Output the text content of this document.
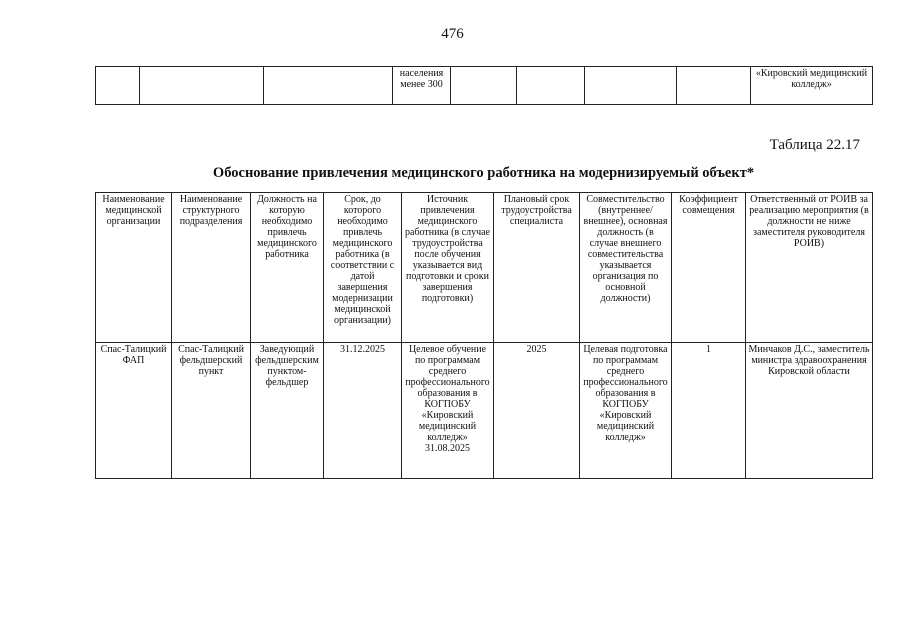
476
			населения менее 300					«Кировский медицинский колледж»
Таблица 22.17
Обоснование привлечения медицинского работника на модернизируемый объект*
Наименование медицинской организации	Наименование структурного подразделения	Должность на которую необходимо привлечь медицинского работника	Срок, до которого необходимо привлечь медицинского работника (в соответствии с датой завершения модернизации медицинской организации)	Источник привлечения медицинского работника (в случае трудоустройства после обучения указывается вид подготовки и сроки завершения подготовки)	Плановый срок трудоустройства специалиста	Совместительство (внутреннее/внешнее), основная должность (в случае внешнего совместительства указывается организация по основной должности)	Коэффициент совмещения	Ответственный от РОИВ за реализацию мероприятия (в должности не ниже заместителя руководителя РОИВ)
Спас-Талицкий ФАП	Спас-Талицкий фельдшерский пункт	Заведующий фельдшерским пунктом-фельдшер	31.12.2025	Целевое обучение по программам среднего профессионального образования в КОГПОБУ «Кировский медицинский колледж» 31.08.2025	2025	Целевая подготовка по программам среднего профессионального образования в КОГПОБУ «Кировский медицинский колледж»	1	Минчаков Д.С., заместитель министра здравоохранения Кировской области
